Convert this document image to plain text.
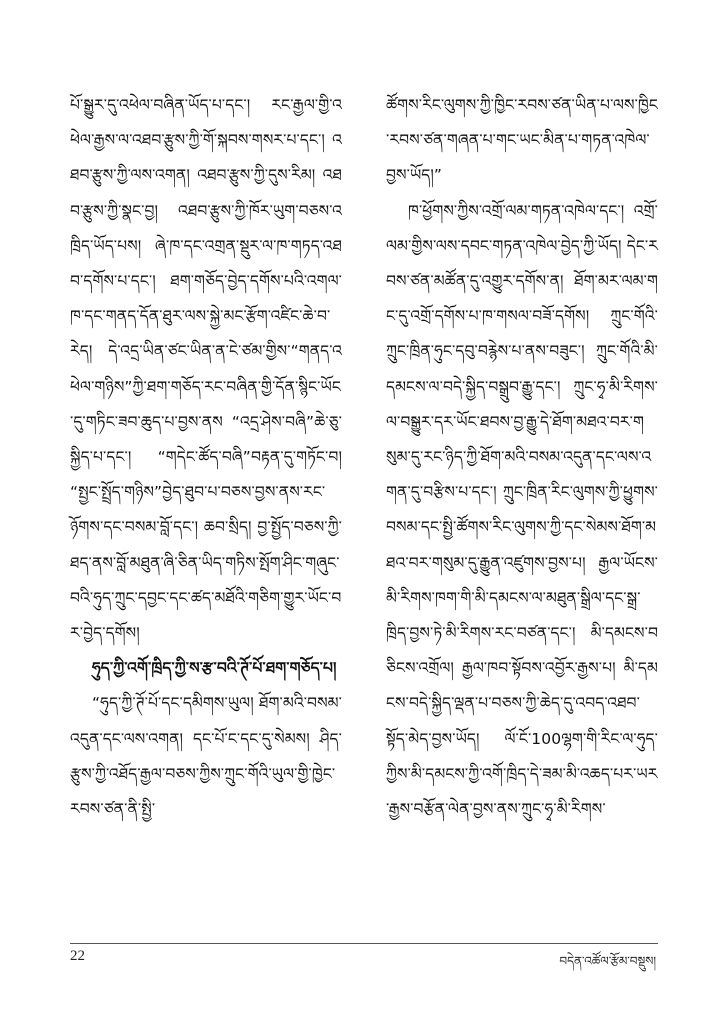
པོ་སྒྱུར་དུ་འཕེལ་བཞིན་ཡོད་པ་དང་། རང་རྒྱལ་གྱི་འཕེལ་རྒྱས་ལ་འཐབ་རྩུས་ཀྱི་གོ་སྐབས་གསར་པ་དང་། འཐབ་རྩུས་ཀྱི་ལས་འགན། འཐབ་རྩུས་ཀྱི་དུས་རིམ། འཐབ་རྩུས་ཀྱི་སྣང་བྱ། འཐབ་རྩུས་ཀྱི་ཁོར་ཡུག་བཅས་འཁྲིད་ཡོད་པས། ཞེ་ཁ་དང་འགྲན་སྡུར་ལ་ཁ་གཏད་འཐབ་དགོས་པ་དང་། ཐག་གཅོད་བྱེད་དགོས་པའི་འགལ་ཁ་དང་གནད་དོན་ཐུར་ལས་སྐྱེ་མང་རྩོག་འཛིང་ཆེ་བ་རེད། དེ་འདྲ་ཡིན་ཙང་ཡིན་ན་ངེ་ཙམ་གྱིས་“གནད་འཕེལ་གཉིས”ཀྱི་ཐག་གཅོད་རང་བཞིན་གྱི་དོན་སྙིང་ཡོང་དུ་གཏིང་ཟབ་ཆུད་པ་བྱས་ནས “འདྲ་ཤེས་བཞི”ཆེ་ཅུ་སྐྱིད་པ་དང་། “གདེང་ཚོད་བཞི”བརྟན་དུ་གཏོང་བ། “སྤྱང་སྤྲོད་གཉིས”བྱེད་ཐུབ་པ་བཅས་བྱས་ནས་རང་ཉོགས་དང་བསམ་བློ་དང་། ཆབ་སྲིད། བྱ་སྤྱོད་བཅས་ཀྱི་ཐད་ནས་བློ་མཐུན་ཞི་ཅིན་ཡིད་གཏིས་སྤོག་ཤིང་གཞུང་བའི་ཧུད་ཀྲུང་དབྱང་དང་ཚད་མཐོའི་གཅིག་གྱུར་ཡོང་བར་བྱེད་དགོས།

ཧུད་ཀྱི་འགོ་ཁྲིད་ཀྱི་ས་རྩ་བའི་ཊོ་པོ་ཐག་གཅོད་པ།

“ཧུད་ཀྱི་ཊོ་པོ་དང་དམིགས་ཡུལ། ཐོག་མའི་བསམ་འདུན་དང་ལས་འགན། དང་པོ་ང་དང་དུ་སེམས། ཤིད་རྩུས་ཀྱི་འཐོད་རྒྱལ་བཅས་ཀྱིས་ཀྲུང་གོའི་ཡུལ་གྱི་ཁྱེང་རབས་ཙན་ནི་སྤྱི་

ཚོགས་རིང་ལུགས་ཀྱི་ཁྱིང་རབས་ཙན་ཡིན་པ་ལས་ཁྱིང་རབས་ཙན་གཞན་པ་གང་ཡང་མིན་པ་གཏན་འཁེལ་བྱས་ཡོད།”

ཁ་ཕྱོགས་ཀྱིས་འགྲོ་ལམ་གཏན་འཁེལ་དང་། འགྲོ་ལམ་གྱིས་ལས་དབང་གཏན་འཁེལ་བྱེད་ཀྱི་ཡོད། དེང་རབས་ཙན་མཚོན་དུ་འགྱུར་དགོས་ན། ཐོག་མར་ལམ་གང་དུ་འགྲོ་དགོས་པ་ཁ་གསལ་བཟོ་དགོས། ཀྲུང་གོའི་ཀྲུང་ཁྲིན་ཧུང་དབུ་བརྙེས་པ་ནས་བཟུང་། ཀྲུང་གོའི་མི་དམངས་ལ་བདེ་སྐྱིད་བསྒྲུབ་རྒྱུ་དང་། ཀྲུང་ཧྭ་མི་རིགས་ལ་བསྒྱུར་དར་ཡོང་ཐབས་བྱ་རྒྱུ་དེ་ཐོག་མཐའ་བར་གསུམ་དུ་རང་ཉིད་ཀྱི་ཐོག་མའི་བསམ་འདུན་དང་ལས་འགན་དུ་བརྩིས་པ་དང་། ཀྲུང་ཁྲིན་རིང་ལུགས་ཀྱི་ཕྱུགས་བསམ་དང་སྤྱི་ཚོགས་རིང་ལུགས་ཀྱི་དང་སེམས་ཐོག་མཐའ་བར་གསུམ་དུ་རྒྱུན་འཛུགས་བྱས་པ། རྒྱལ་ཡོངས་མི་རིགས་ཁག་གི་མི་དམངས་ལ་མཐུན་སྒྲིལ་དང་སྒྲ་ཁྲིད་བྱས་ཏེ་མི་རིགས་རང་བཙན་དང་། མི་དམངས་བཅིངས་འགྲོལ། རྒྱལ་ཁབ་སྟོབས་འབྱོར་རྒྱས་པ། མི་དམངས་བདེ་སྐྱིད་ལྡན་པ་བཅས་ཀྱི་ཆེད་དུ་འབད་འཐབ་སྟོད་མེད་བྱས་ཡོད། ལོ་ངོ་100ལྷག་གི་རིང་ལ་ཧུད་ཀྱིས་མི་དམངས་ཀྱི་འགོ་ཁྲིད་དེ་ཟམ་མི་འཆད་པར་ཡར་རྒྱས་བརྩོན་ལེན་བྱས་ནས་ཀྲུང་ཧྭ་མི་རིགས་

22	བདེན་འཚོལ་རྩོམ་བསྡུས།
